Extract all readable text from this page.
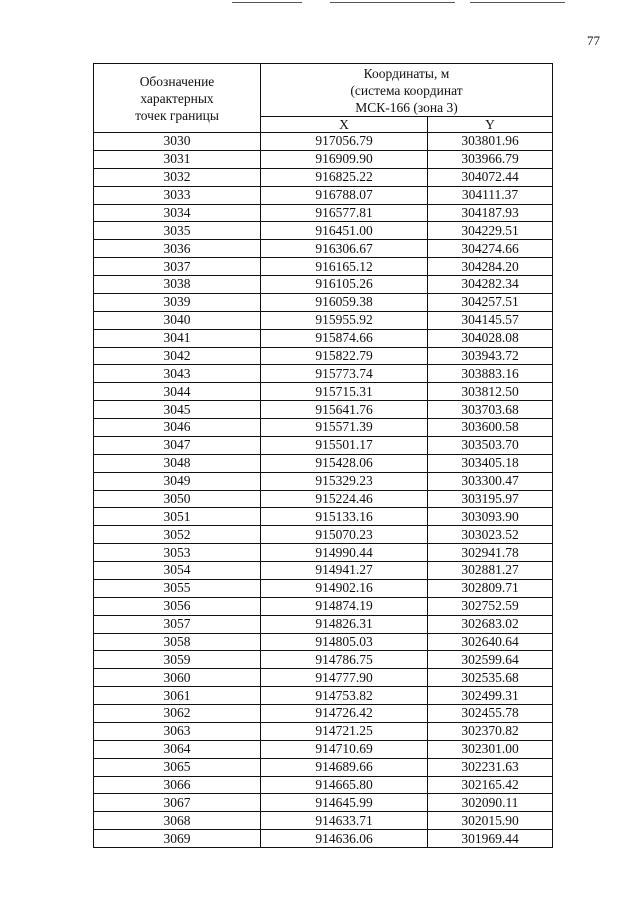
77
Обозначение
характерных
точек границы	Координаты, м
(система координат
МСК-166 (зона 3)	

	X	Y
3030	917056.79	303801.96
3031	916909.90	303966.79
3032	916825.22	304072.44
3033	916788.07	304111.37
3034	916577.81	304187.93
3035	916451.00	304229.51
3036	916306.67	304274.66
3037	916165.12	304284.20
3038	916105.26	304282.34
3039	916059.38	304257.51
3040	915955.92	304145.57
3041	915874.66	304028.08
3042	915822.79	303943.72
3043	915773.74	303883.16
3044	915715.31	303812.50
3045	915641.76	303703.68
3046	915571.39	303600.58
3047	915501.17	303503.70
3048	915428.06	303405.18
3049	915329.23	303300.47
3050	915224.46	303195.97
3051	915133.16	303093.90
3052	915070.23	303023.52
3053	914990.44	302941.78
3054	914941.27	302881.27
3055	914902.16	302809.71
3056	914874.19	302752.59
3057	914826.31	302683.02
3058	914805.03	302640.64
3059	914786.75	302599.64
3060	914777.90	302535.68
3061	914753.82	302499.31
3062	914726.42	302455.78
3063	914721.25	302370.82
3064	914710.69	302301.00
3065	914689.66	302231.63
3066	914665.80	302165.42
3067	914645.99	302090.11
3068	914633.71	302015.90
3069	914636.06	301969.44
